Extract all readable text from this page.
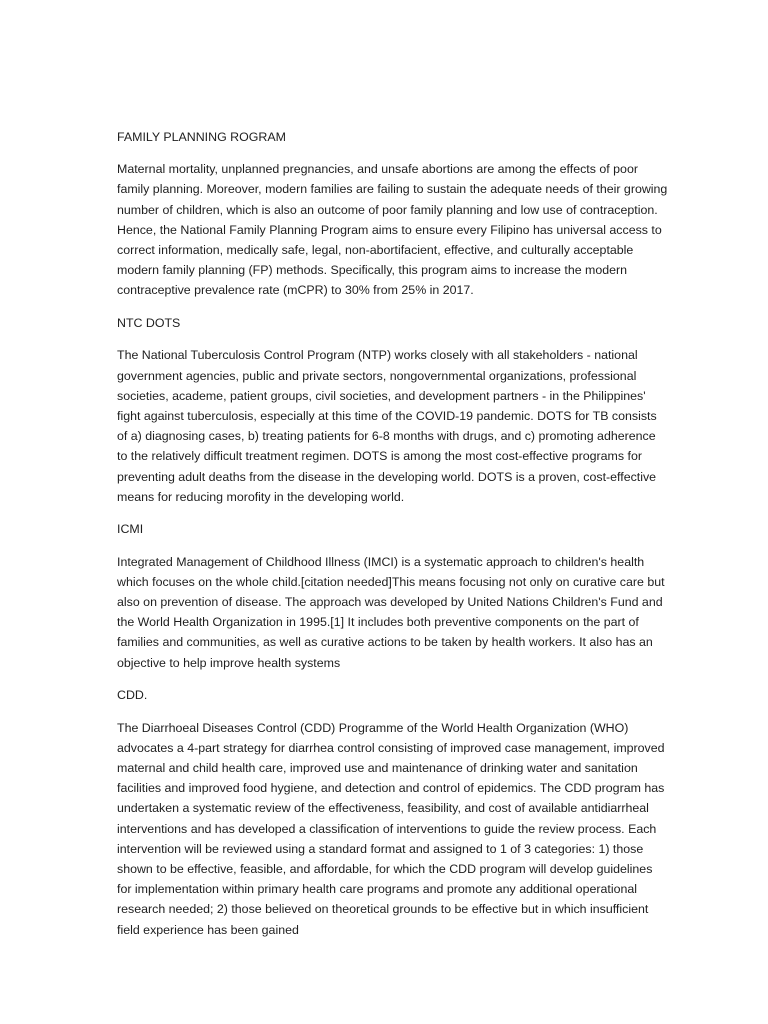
FAMILY PLANNING ROGRAM

Maternal mortality, unplanned pregnancies, and unsafe abortions are among the effects of poor family planning. Moreover, modern families are failing to sustain the adequate needs of their growing number of children, which is also an outcome of poor family planning and low use of contraception. Hence, the National Family Planning Program aims to ensure every Filipino has universal access to correct information, medically safe, legal, non-abortifacient, effective, and culturally acceptable modern family planning (FP) methods. Specifically, this program aims to increase the modern contraceptive prevalence rate (mCPR) to 30% from 25% in 2017.

NTC DOTS

The National Tuberculosis Control Program (NTP) works closely with all stakeholders - national government agencies, public and private sectors, nongovernmental organizations, professional societies, academe, patient groups, civil societies, and development partners - in the Philippines' fight against tuberculosis, especially at this time of the COVID-19 pandemic. DOTS for TB consists of a) diagnosing cases, b) treating patients for 6-8 months with drugs, and c) promoting adherence to the relatively difficult treatment regimen. DOTS is among the most cost-effective programs for preventing adult deaths from the disease in the developing world. DOTS is a proven, cost-effective means for reducing morofity in the developing world.

ICMI

Integrated Management of Childhood Illness (IMCI) is a systematic approach to children's health which focuses on the whole child.[citation needed]This means focusing not only on curative care but also on prevention of disease. The approach was developed by United Nations Children's Fund and the World Health Organization in 1995.[1] It includes both preventive components on the part of families and communities, as well as curative actions to be taken by health workers. It also has an objective to help improve health systems

CDD.

The Diarrhoeal Diseases Control (CDD) Programme of the World Health Organization (WHO) advocates a 4-part strategy for diarrhea control consisting of improved case management, improved maternal and child health care, improved use and maintenance of drinking water and sanitation facilities and improved food hygiene, and detection and control of epidemics. The CDD program has undertaken a systematic review of the effectiveness, feasibility, and cost of available antidiarrheal interventions and has developed a classification of interventions to guide the review process. Each intervention will be reviewed using a standard format and assigned to 1 of 3 categories: 1) those shown to be effective, feasible, and affordable, for which the CDD program will develop guidelines for implementation within primary health care programs and promote any additional operational research needed; 2) those believed on theoretical grounds to be effective but in which insufficient field experience has been gained
